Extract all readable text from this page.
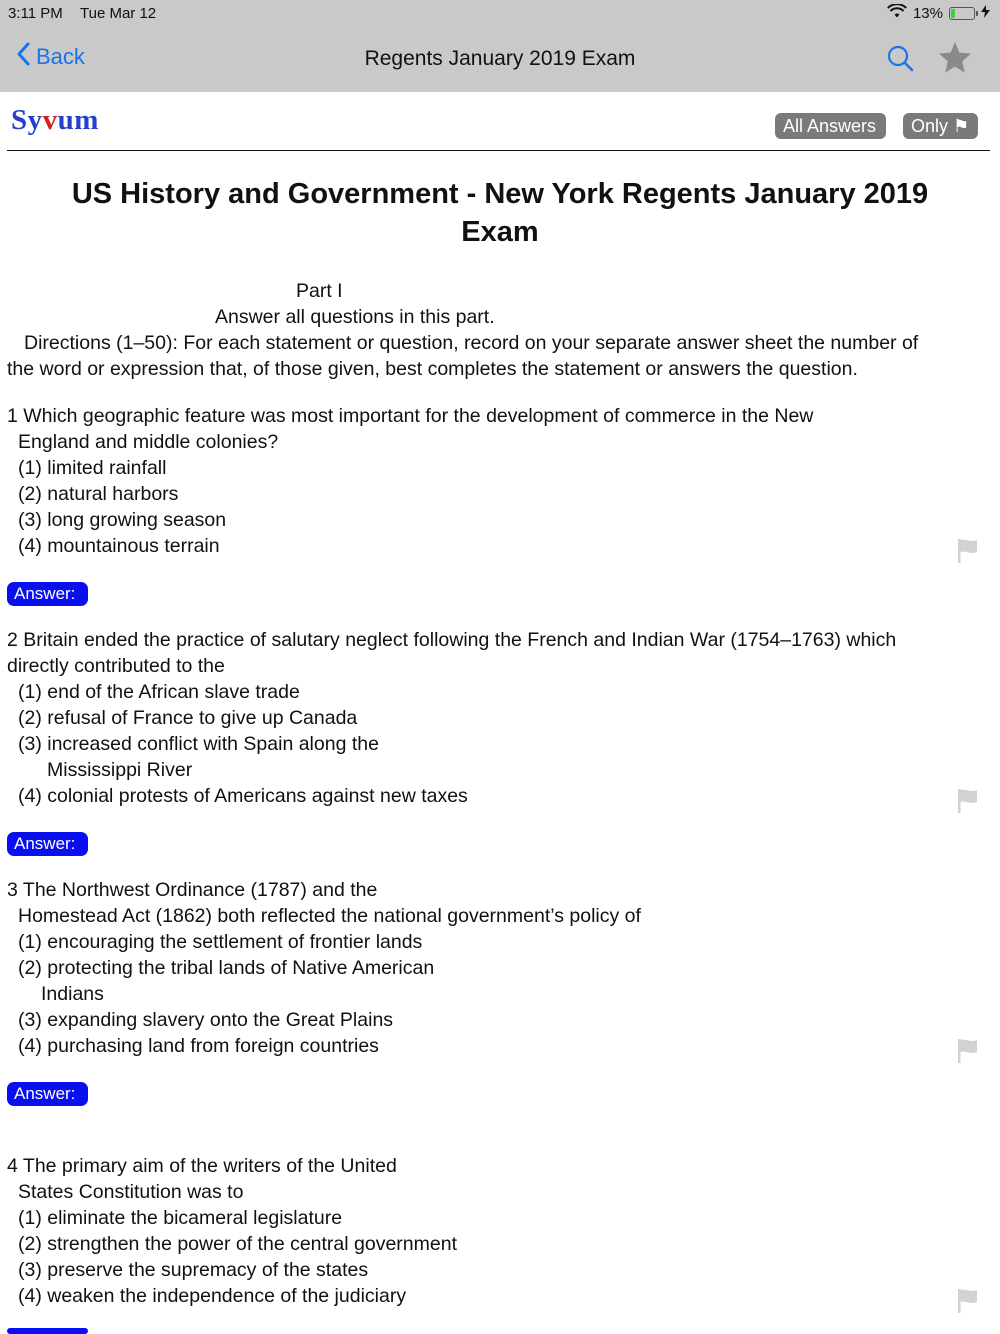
3:11 PM Tue Mar 12	13%
Back	Regents January 2019 Exam
Syvum	All Answers	Only ⚑
US History and Government - New York Regents January 2019
Exam
Part I
Answer all questions in this part.
Directions (1–50): For each statement or question, record on your separate answer sheet the number of
the word or expression that, of those given, best completes the statement or answers the question.
1 Which geographic feature was most important for the development of commerce in the New
England and middle colonies?
(1) limited rainfall
(2) natural harbors
(3) long growing season
(4) mountainous terrain
Answer:
2 Britain ended the practice of salutary neglect following the French and Indian War (1754–1763) which
directly contributed to the
(1) end of the African slave trade
(2) refusal of France to give up Canada
(3) increased conflict with Spain along the
Mississippi River
(4) colonial protests of Americans against new taxes
Answer:
3 The Northwest Ordinance (1787) and the
Homestead Act (1862) both reflected the national government’s policy of
(1) encouraging the settlement of frontier lands
(2) protecting the tribal lands of Native American
Indians
(3) expanding slavery onto the Great Plains
(4) purchasing land from foreign countries
Answer:
4 The primary aim of the writers of the United
States Constitution was to
(1) eliminate the bicameral legislature
(2) strengthen the power of the central government
(3) preserve the supremacy of the states
(4) weaken the independence of the judiciary
